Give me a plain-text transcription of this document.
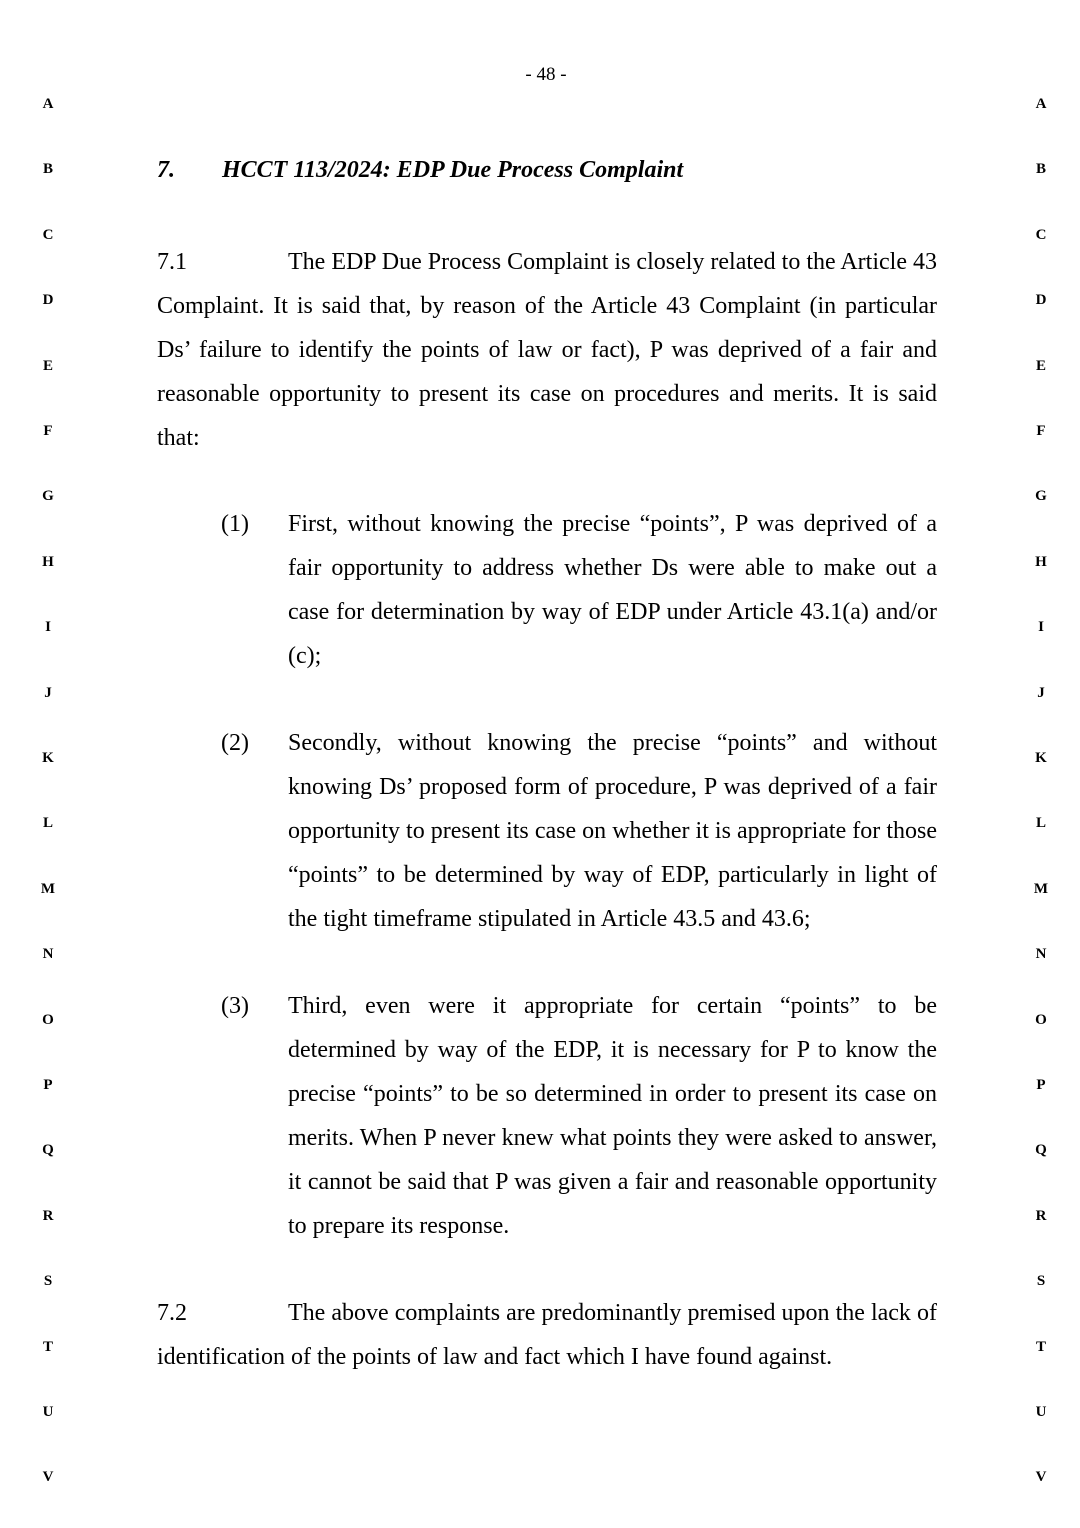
- 48 -
A
B
C
D
E
F
G
H
I
J
K
L
M
N
O
P
Q
R
S
T
U
V
A
B
C
D
E
F
G
H
I
J
K
L
M
N
O
P
Q
R
S
T
U
V
7. HCCT 113/2024: EDP Due Process Complaint

7.1	The EDP Due Process Complaint is closely related to the Article 43 Complaint. It is said that, by reason of the Article 43 Complaint (in particular Ds’ failure to identify the points of law or fact), P was deprived of a fair and reasonable opportunity to present its case on procedures and merits. It is said that:

(1) First, without knowing the precise “points”, P was deprived of a fair opportunity to address whether Ds were able to make out a case for determination by way of EDP under Article 43.1(a) and/or (c);
(2) Secondly, without knowing the precise “points” and without knowing Ds’ proposed form of procedure, P was deprived of a fair opportunity to present its case on whether it is appropriate for those “points” to be determined by way of EDP, particularly in light of the tight timeframe stipulated in Article 43.5 and 43.6;
(3) Third, even were it appropriate for certain “points” to be determined by way of the EDP, it is necessary for P to know the precise “points” to be so determined in order to present its case on merits. When P never knew what points they were asked to answer, it cannot be said that P was given a fair and reasonable opportunity to prepare its response.

7.2	The above complaints are predominantly premised upon the lack of identification of the points of law and fact which I have found against.
